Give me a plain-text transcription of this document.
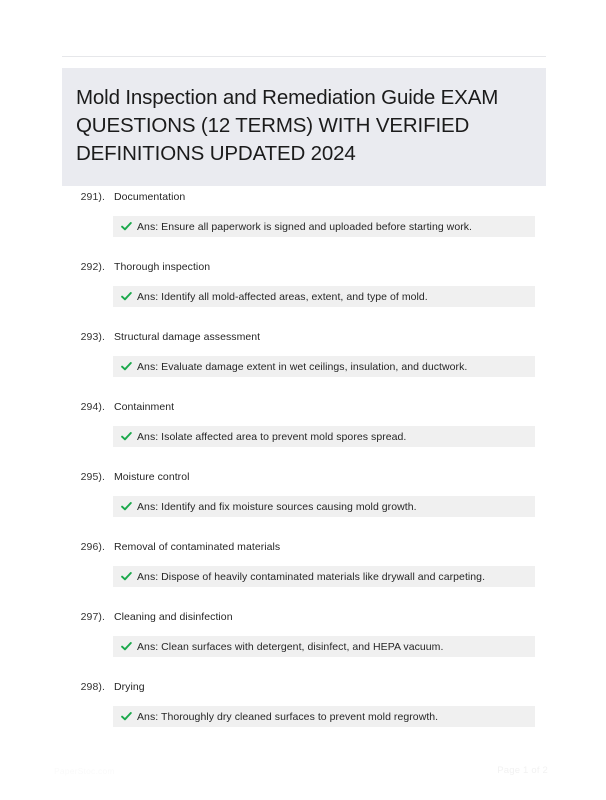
Mold Inspection and Remediation Guide EXAM QUESTIONS (12 TERMS) WITH VERIFIED DEFINITIONS UPDATED 2024
291). Documentation
Ans: Ensure all paperwork is signed and uploaded before starting work.
292). Thorough inspection
Ans: Identify all mold-affected areas, extent, and type of mold.
293). Structural damage assessment
Ans: Evaluate damage extent in wet ceilings, insulation, and ductwork.
294). Containment
Ans: Isolate affected area to prevent mold spores spread.
295). Moisture control
Ans: Identify and fix moisture sources causing mold growth.
296). Removal of contaminated materials
Ans: Dispose of heavily contaminated materials like drywall and carpeting.
297). Cleaning and disinfection
Ans: Clean surfaces with detergent, disinfect, and HEPA vacuum.
298). Drying
Ans: Thoroughly dry cleaned surfaces to prevent mold regrowth.
PaperStoc.com	Page 1 of 2
